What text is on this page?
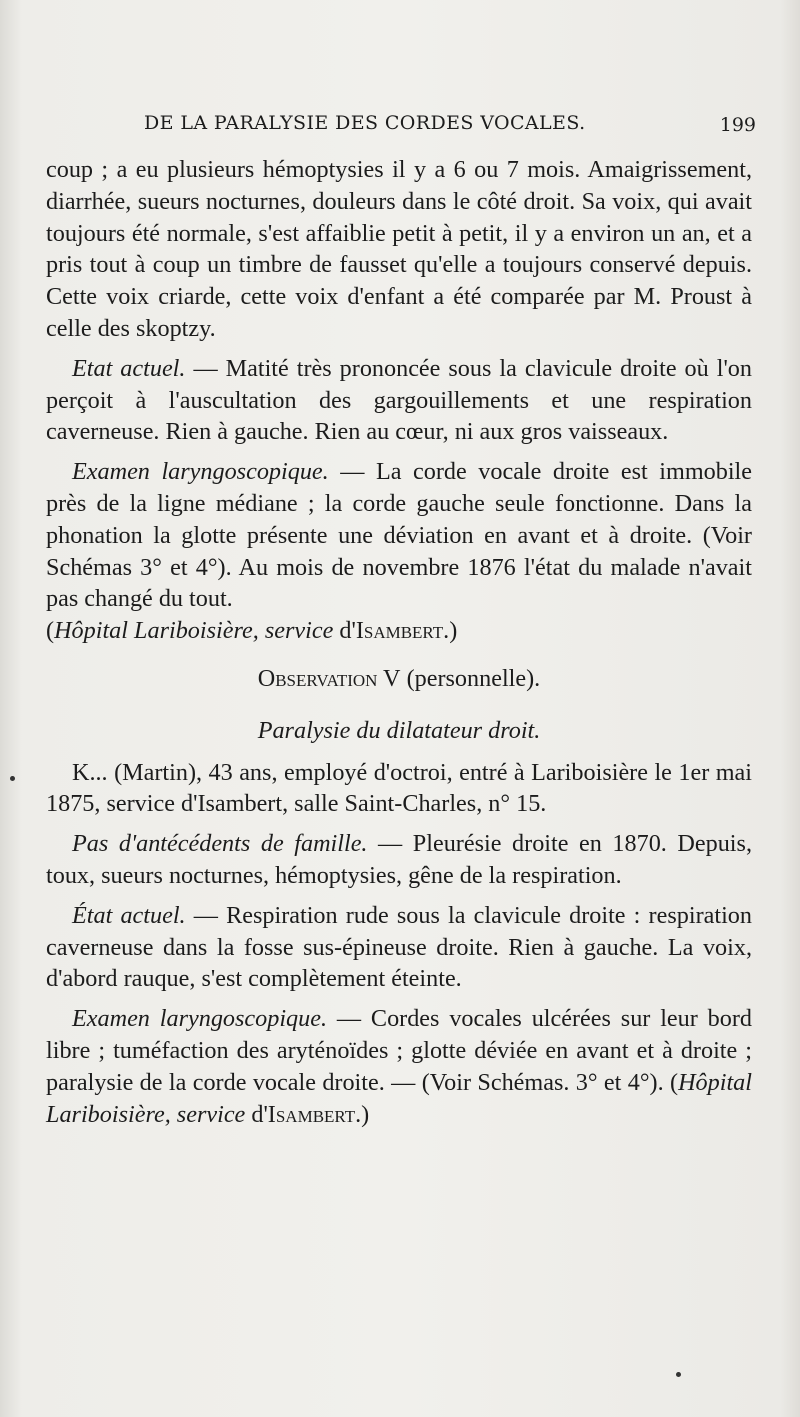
DE LA PARALYSIE DES CORDES VOCALES.	199

coup ; a eu plusieurs hémoptysies il y a 6 ou 7 mois. Amaigrissement, diarrhée, sueurs nocturnes, douleurs dans le côté droit. Sa voix, qui avait toujours été normale, s'est affaiblie petit à petit, il y a environ un an, et a pris tout à coup un timbre de fausset qu'elle a toujours conservé depuis. Cette voix criarde, cette voix d'enfant a été comparée par M. Proust à celle des skoptzy.

Etat actuel. — Matité très prononcée sous la clavicule droite où l'on perçoit à l'auscultation des gargouillements et une respiration caverneuse. Rien à gauche. Rien au cœur, ni aux gros vaisseaux.

Examen laryngoscopique. — La corde vocale droite est immobile près de la ligne médiane ; la corde gauche seule fonctionne. Dans la phonation la glotte présente une déviation en avant et à droite. (Voir Schémas 3° et 4°). Au mois de novembre 1876 l'état du malade n'avait pas changé du tout.
(Hôpital Lariboisière, service d'Isambert.)

Observation V (personnelle).

Paralysie du dilatateur droit.

K... (Martin), 43 ans, employé d'octroi, entré à Lariboisière le 1er mai 1875, service d'Isambert, salle Saint-Charles, n° 15.

Pas d'antécédents de famille. — Pleurésie droite en 1870. Depuis, toux, sueurs nocturnes, hémoptysies, gêne de la respiration.

État actuel. — Respiration rude sous la clavicule droite : respiration caverneuse dans la fosse sus-épineuse droite. Rien à gauche. La voix, d'abord rauque, s'est complètement éteinte.

Examen laryngoscopique. — Cordes vocales ulcérées sur leur bord libre ; tuméfaction des aryténoïdes ; glotte déviée en avant et à droite ; paralysie de la corde vocale droite. — (Voir Schémas. 3° et 4°). (Hôpital Lariboisière, service d'Isambert.)
